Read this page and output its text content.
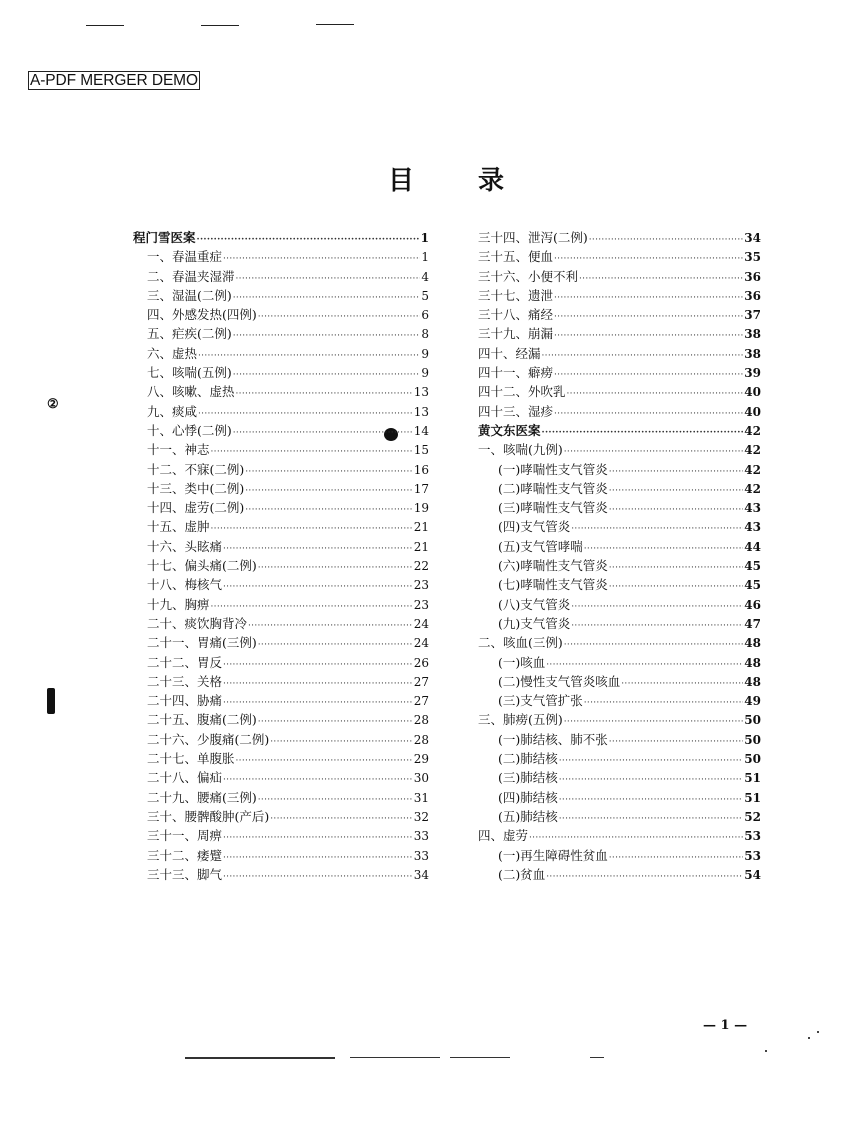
A-PDF MERGER DEMO
目 录
②
程门雪医案 ·····	1
一、春温重症 ·····	1
二、春温夹湿滞 ·····	4
三、湿温(二例) ·····	5
四、外感发热(四例) ·····	6
五、疟疾(二例) ·····	8
六、虚热 ·····	9
七、咳喘(五例) ·····	9
八、咳嗽、虚热 ·····	13
九、痰咸 ·····	13
十、心悸(二例) ·····	14
十一、神志 ·····	15
十二、不寐(二例) ·····	16
十三、类中(二例) ·····	17
十四、虚劳(二例) ·····	19
十五、虚肿 ·····	21
十六、头眩痛 ·····	21
十七、偏头痛(二例) ·····	22
十八、梅核气 ·····	23
十九、胸痹 ·····	23
二十、痰饮胸背冷 ·····	24
二十一、胃痛(三例) ·····	24
二十二、胃反 ·····	26
二十三、关格 ·····	27
二十四、胁痛 ·····	27
二十五、腹痛(二例) ·····	28
二十六、少腹痛(二例) ·····	28
二十七、单腹胀 ·····	29
二十八、偏疝 ·····	30
二十九、腰痛(三例) ·····	31
三十、腰髀酸肿(产后) ·····	32
三十一、周痹 ·····	33
三十二、痿躄 ·····	33
三十三、脚气 ·····	34
三十四、泄泻(二例) ·····	34
三十五、便血 ·····	35
三十六、小便不利 ·····	36
三十七、遗泄 ·····	36
三十八、痛经 ·····	37
三十九、崩漏 ·····	38
四十、经漏 ·····	38
四十一、癖痨 ·····	39
四十二、外吹乳 ·····	40
四十三、湿疹 ·····	40
黄文东医案 ·····	42
一、咳喘(九例) ·····	42
(一)哮喘性支气管炎 ·····	42
(二)哮喘性支气管炎 ·····	42
(三)哮喘性支气管炎 ·····	43
(四)支气管炎 ·····	43
(五)支气管哮喘 ·····	44
(六)哮喘性支气管炎 ·····	45
(七)哮喘性支气管炎 ·····	45
(八)支气管炎 ·····	46
(九)支气管炎 ·····	47
二、咳血(三例) ·····	48
(一)咳血 ·····	48
(二)慢性支气管炎咳血 ·····	48
(三)支气管扩张 ·····	49
三、肺痨(五例) ·····	50
(一)肺结核、肺不张 ·····	50
(二)肺结核 ·····	50
(三)肺结核 ·····	51
(四)肺结核 ·····	51
(五)肺结核 ·····	52
四、虚劳 ·····	53
(一)再生障碍性贫血 ·····	53
(二)贫血 ·····	54
— 1 —
